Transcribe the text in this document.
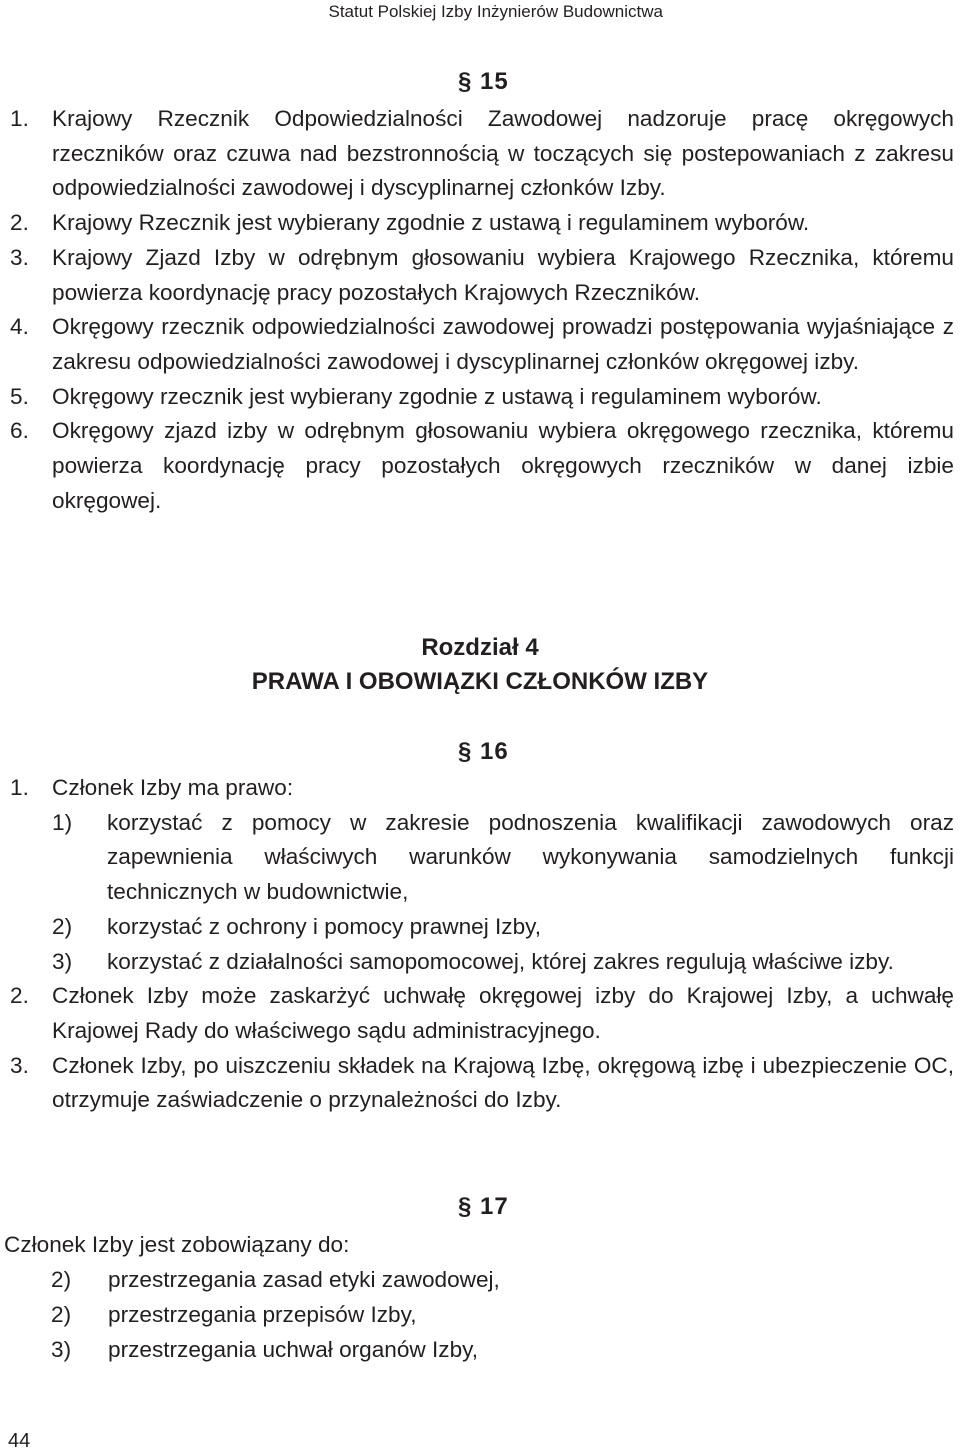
Statut Polskiej Izby Inżynierów Budownictwa
§ 15
1.	Krajowy Rzecznik Odpowiedzialności Zawodowej nadzoruje pracę okręgowych rzeczników oraz czuwa nad bezstronnością w toczących się postepowaniach z zakresu odpowiedzialności zawodowej i dyscyplinarnej członków Izby.
2.	Krajowy Rzecznik jest wybierany zgodnie z ustawą i regulaminem wyborów.
3.	Krajowy Zjazd Izby w odrębnym głosowaniu wybiera Krajowego Rzecznika, któremu powierza koordynację pracy pozostałych Krajowych Rzeczników.
4.	Okręgowy rzecznik odpowiedzialności zawodowej prowadzi postępowania wyjaśniające z zakresu odpowiedzialności zawodowej i dyscyplinarnej członków okręgowej izby.
5.	Okręgowy rzecznik jest wybierany zgodnie z ustawą i regulaminem wyborów.
6.	Okręgowy zjazd izby w odrębnym głosowaniu wybiera okręgowego rzecznika, któremu powierza koordynację pracy pozostałych okręgowych rzeczników w danej izbie okręgowej.
Rozdział 4
PRAWA I OBOWIĄZKI CZŁONKÓW IZBY
§ 16
1.	Członek Izby ma prawo:
1)	korzystać z pomocy w zakresie podnoszenia kwalifikacji zawodowych oraz zapewnienia właściwych warunków wykonywania samodzielnych funkcji technicznych w budownictwie,
2)	korzystać z ochrony i pomocy prawnej Izby,
3)	korzystać z działalności samopomocowej, której zakres regulują właściwe izby.
2.	Członek Izby może zaskarżyć uchwałę okręgowej izby do Krajowej Izby, a uchwałę Krajowej Rady do właściwego sądu administracyjnego.
3.	Członek Izby, po uiszczeniu składek na Krajową Izbę, okręgową izbę i ubezpieczenie OC, otrzymuje zaświadczenie o przynależności do Izby.
§ 17
Członek Izby jest zobowiązany do:
2)	przestrzegania zasad etyki zawodowej,
2)	przestrzegania przepisów Izby,
3)	przestrzegania uchwał organów Izby,
44
